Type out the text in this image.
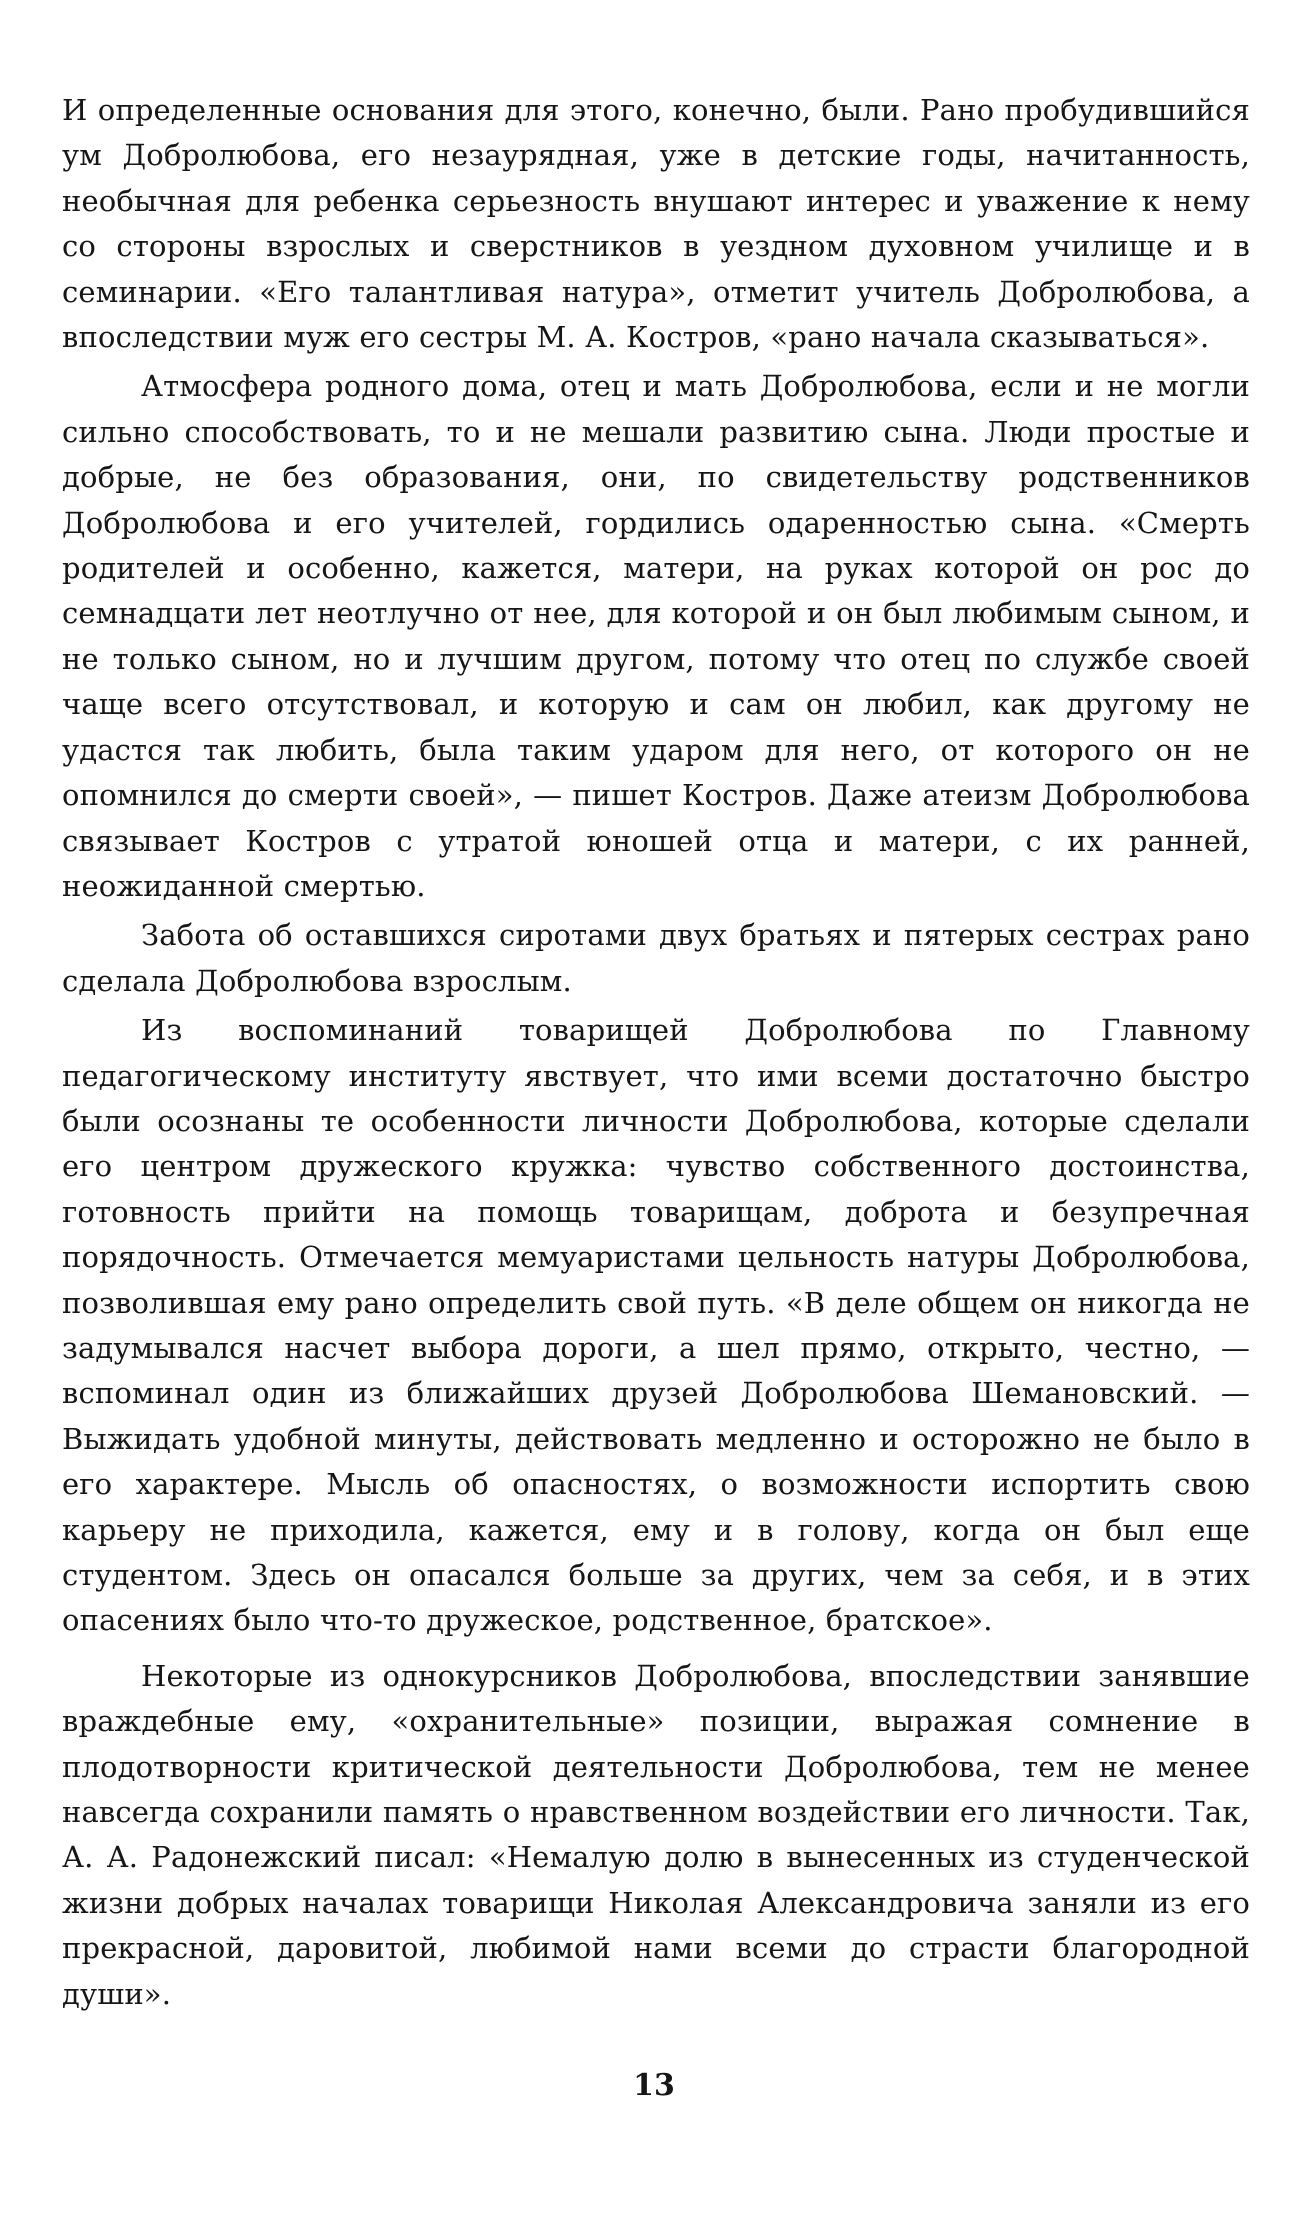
И определенные основания для этого, конечно, были. Рано пробудившийся ум Добролюбова, его незаурядная, уже в детские годы, начитанность, необычная для ребенка серьезность внушают интерес и уважение к нему со стороны взрослых и сверстников в уездном духовном училище и в семинарии. «Его талантливая натура», отметит учитель Добролюбова, а впоследствии муж его сестры М. А. Костров, «рано начала сказываться».

Атмосфера родного дома, отец и мать Добролюбова, если и не могли сильно способствовать, то и не мешали развитию сына. Люди простые и добрые, не без образования, они, по свидетельству родственников Добролюбова и его учителей, гордились одаренностью сына. «Смерть родителей и особенно, кажется, матери, на руках которой он рос до семнадцати лет неотлучно от нее, для которой и он был любимым сыном, и не только сыном, но и лучшим другом, потому что отец по службе своей чаще всего отсутствовал, и которую и сам он любил, как другому не удастся так любить, была таким ударом для него, от которого он не опомнился до смерти своей», — пишет Костров. Даже атеизм Добролюбова связывает Костров с утратой юношей отца и матери, с их ранней, неожиданной смертью.

Забота об оставшихся сиротами двух братьях и пятерых сестрах рано сделала Добролюбова взрослым.

Из воспоминаний товарищей Добролюбова по Главному педагогическому институту явствует, что ими всеми достаточно быстро были осознаны те особенности личности Добролюбова, которые сделали его центром дружеского кружка: чувство собственного достоинства, готовность прийти на помощь товарищам, доброта и безупречная порядочность. Отмечается мемуаристами цельность натуры Добролюбова, позволившая ему рано определить свой путь. «В деле общем он никогда не задумывался насчет выбора дороги, а шел прямо, открыто, честно, — вспоминал один из ближайших друзей Добролюбова Шемановский. — Выжидать удобной минуты, действовать медленно и осторожно не было в его характере. Мысль об опасностях, о возможности испортить свою карьеру не приходила, кажется, ему и в голову, когда он был еще студентом. Здесь он опасался больше за других, чем за себя, и в этих опасениях было что-то дружеское, родственное, братское».

Некоторые из однокурсников Добролюбова, впоследствии занявшие враждебные ему, «охранительные» позиции, выражая сомнение в плодотворности критической деятельности Добролюбова, тем не менее навсегда сохранили память о нравственном воздействии его личности. Так, А. А. Радонежский писал: «Немалую долю в вынесенных из студенческой жизни добрых началах товарищи Николая Александровича заняли из его прекрасной, даровитой, любимой нами всеми до страсти благородной души».

13
